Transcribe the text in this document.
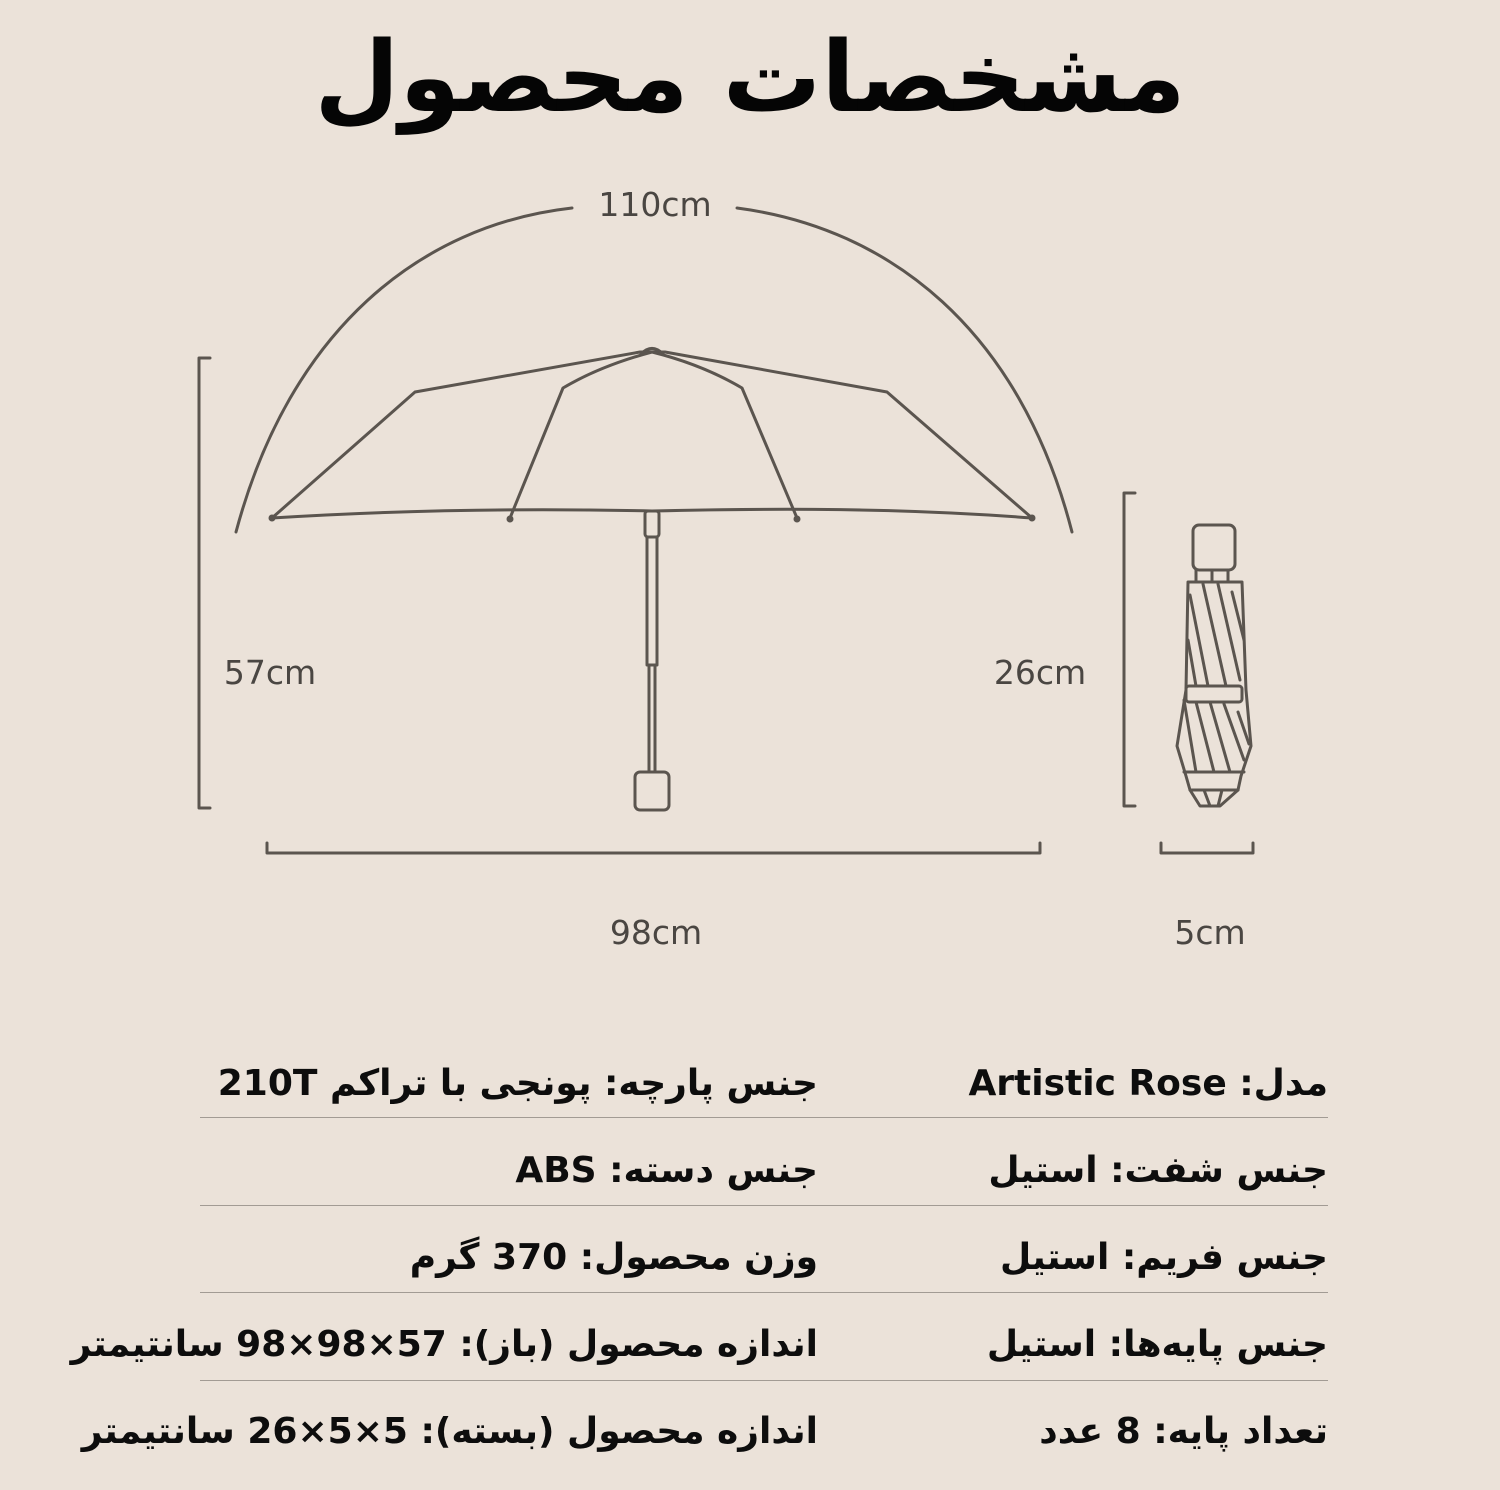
مشخصات محصول
110cm
57cm
98cm
26cm
5cm
مدل: Artistic Rose
جنس شفت: استیل
جنس فریم: استیل
جنس پایه‌ها: استیل
تعداد پایه: 8 عدد
جنس پارچه: پونجی با تراکم 210T
جنس دسته: ABS
وزن محصول: 370 گرم
اندازه محصول (باز): 57×98×98 سانتیمتر
اندازه محصول (بسته): 5×5×26 سانتیمتر
